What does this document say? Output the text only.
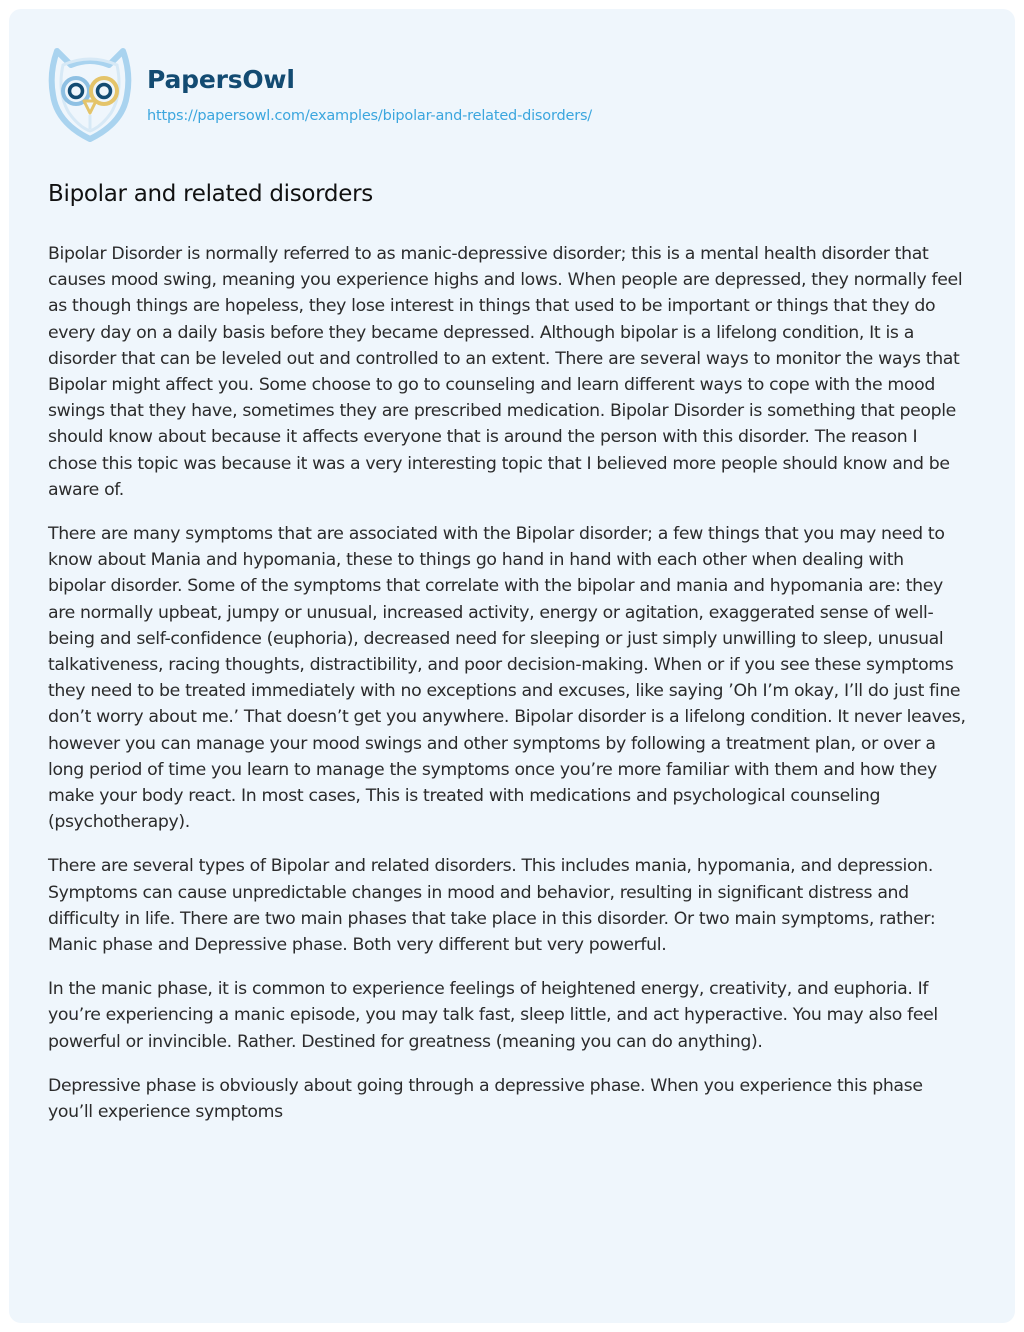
PapersOwl
https://papersowl.com/examples/bipolar-and-related-disorders/
Bipolar and related disorders

Bipolar Disorder is normally referred to as manic-depressive disorder; this is a mental health disorder that causes mood swing, meaning you experience highs and lows. When people are depressed, they normally feel as though things are hopeless, they lose interest in things that used to be important or things that they do every day on a daily basis before they became depressed. Although bipolar is a lifelong condition, It is a disorder that can be leveled out and controlled to an extent. There are several ways to monitor the ways that Bipolar might affect you. Some choose to go to counseling and learn different ways to cope with the mood swings that they have, sometimes they are prescribed medication. Bipolar Disorder is something that people should know about because it affects everyone that is around the person with this disorder. The reason I chose this topic was because it was a very interesting topic that I believed more people should know and be aware of.

There are many symptoms that are associated with the Bipolar disorder; a few things that you may need to know about Mania and hypomania, these to things go hand in hand with each other when dealing with bipolar disorder. Some of the symptoms that correlate with the bipolar and mania and hypomania are: they are normally upbeat, jumpy or unusual, increased activity, energy or agitation, exaggerated sense of well-being and self-confidence (euphoria), decreased need for sleeping or just simply unwilling to sleep, unusual talkativeness, racing thoughts, distractibility, and poor decision-making. When or if you see these symptoms they need to be treated immediately with no exceptions and excuses, like saying ’Oh I’m okay, I’ll do just fine don’t worry about me.’ That doesn’t get you anywhere. Bipolar disorder is a lifelong condition. It never leaves, however you can manage your mood swings and other symptoms by following a treatment plan, or over a long period of time you learn to manage the symptoms once you’re more familiar with them and how they make your body react. In most cases, This is treated with medications and psychological counseling (psychotherapy).

There are several types of Bipolar and related disorders. This includes mania, hypomania, and depression. Symptoms can cause unpredictable changes in mood and behavior, resulting in significant distress and difficulty in life. There are two main phases that take place in this disorder. Or two main symptoms, rather: Manic phase and Depressive phase. Both very different but very powerful.

In the manic phase, it is common to experience feelings of heightened energy, creativity, and euphoria. If you’re experiencing a manic episode, you may talk fast, sleep little, and act hyperactive. You may also feel powerful or invincible. Rather. Destined for greatness (meaning you can do anything).

Depressive phase is obviously about going through a depressive phase. When you experience this phase you’ll experience symptoms
